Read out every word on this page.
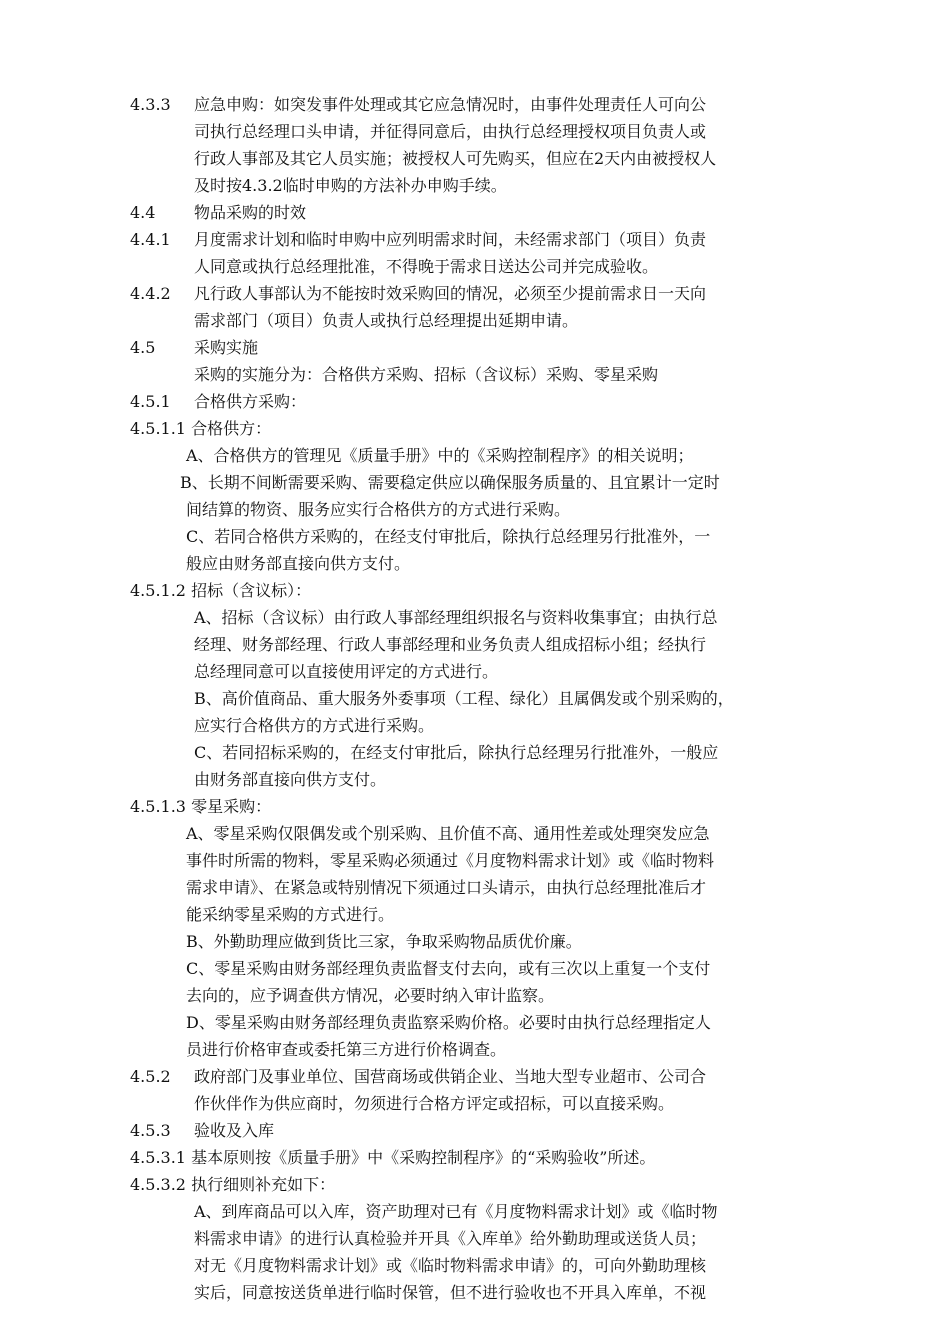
4.3.3 应急申购：如突发事件处理或其它应急情况时，由事件处理责任人可向公

司执行总经理口头申请，并征得同意后，由执行总经理授权项目负责人或

行政人事部及其它人员实施；被授权人可先购买，但应在2天内由被授权人

及时按4.3.2临时申购的方法补办申购手续。

4.4 物品采购的时效

4.4.1 月度需求计划和临时申购中应列明需求时间，未经需求部门（项目）负责

人同意或执行总经理批准，不得晚于需求日送达公司并完成验收。

4.4.2 凡行政人事部认为不能按时效采购回的情况，必须至少提前需求日一天向

需求部门（项目）负责人或执行总经理提出延期申请。

4.5 采购实施

采购的实施分为：合格供方采购、招标（含议标）采购、零星采购

4.5.1 合格供方采购：

4.5.1.1 合格供方：

A、合格供方的管理见《质量手册》中的《采购控制程序》的相关说明；

B、长期不间断需要采购、需要稳定供应以确保服务质量的、且宜累计一定时

间结算的物资、服务应实行合格供方的方式进行采购。

C、若同合格供方采购的，在经支付审批后，除执行总经理另行批准外，一

般应由财务部直接向供方支付。

4.5.1.2 招标（含议标）：

A、招标（含议标）由行政人事部经理组织报名与资料收集事宜；由执行总

经理、财务部经理、行政人事部经理和业务负责人组成招标小组；经执行

总经理同意可以直接使用评定的方式进行。

B、高价值商品、重大服务外委事项（工程、绿化）且属偶发或个别采购的，

应实行合格供方的方式进行采购。

C、若同招标采购的，在经支付审批后，除执行总经理另行批准外，一般应

由财务部直接向供方支付。

4.5.1.3 零星采购：

A、零星采购仅限偶发或个别采购、且价值不高、通用性差或处理突发应急

事件时所需的物料，零星采购必须通过《月度物料需求计划》或《临时物料

需求申请》、在紧急或特别情况下须通过口头请示，由执行总经理批准后才

能采纳零星采购的方式进行。

B、外勤助理应做到货比三家，争取采购物品质优价廉。

C、零星采购由财务部经理负责监督支付去向，或有三次以上重复一个支付

去向的，应予调查供方情况，必要时纳入审计监察。

D、零星采购由财务部经理负责监察采购价格。必要时由执行总经理指定人

员进行价格审查或委托第三方进行价格调查。

4.5.2 政府部门及事业单位、国营商场或供销企业、当地大型专业超市、公司合

作伙伴作为供应商时，勿须进行合格方评定或招标，可以直接采购。

4.5.3 验收及入库

4.5.3.1 基本原则按《质量手册》中《采购控制程序》的“采购验收”所述。

4.5.3.2 执行细则补充如下：

A、到库商品可以入库，资产助理对已有《月度物料需求计划》或《临时物

料需求申请》的进行认真检验并开具《入库单》给外勤助理或送货人员；

对无《月度物料需求计划》或《临时物料需求申请》的，可向外勤助理核

实后，同意按送货单进行临时保管，但不进行验收也不开具入库单，不视
